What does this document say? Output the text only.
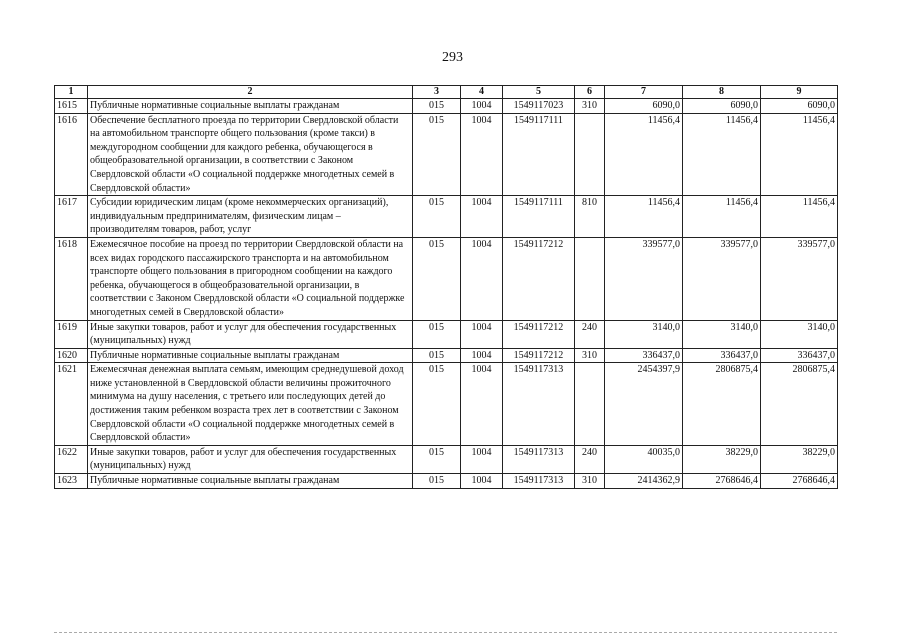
293
1	2	3	4	5	6	7	8	9
1615	Публичные нормативные социальные выплаты гражданам	015	1004	1549117023	310	6090,0	6090,0	6090,0
1616	Обеспечение бесплатного проезда по территории Свердловской области на автомобильном транспорте общего пользования (кроме такси) в междугородном сообщении для каждого ребенка, обучающегося в общеобразовательной организации, в соответствии с Законом Свердловской области «О социальной поддержке многодетных семей в Свердловской области»	015	1004	1549117111		11456,4	11456,4	11456,4
1617	Субсидии юридическим лицам (кроме некоммерческих организаций), индивидуальным предпринимателям, физическим лицам – производителям товаров, работ, услуг	015	1004	1549117111	810	11456,4	11456,4	11456,4
1618	Ежемесячное пособие на проезд по территории Свердловской области на всех видах городского пассажирского транспорта и на автомобильном транспорте общего пользования в пригородном сообщении на каждого ребенка, обучающегося в общеобразовательной организации, в соответствии с Законом Свердловской области «О социальной поддержке многодетных семей в Свердловской области»	015	1004	1549117212		339577,0	339577,0	339577,0
1619	Иные закупки товаров, работ и услуг для обеспечения государственных (муниципальных) нужд	015	1004	1549117212	240	3140,0	3140,0	3140,0
1620	Публичные нормативные социальные выплаты гражданам	015	1004	1549117212	310	336437,0	336437,0	336437,0
1621	Ежемесячная денежная выплата семьям, имеющим среднедушевой доход ниже установленной в Свердловской области величины прожиточного минимума на душу населения, с третьего или последующих детей до достижения таким ребенком возраста трех лет в соответствии с Законом Свердловской области «О социальной поддержке многодетных семей в Свердловской области»	015	1004	1549117313		2454397,9	2806875,4	2806875,4
1622	Иные закупки товаров, работ и услуг для обеспечения государственных (муниципальных) нужд	015	1004	1549117313	240	40035,0	38229,0	38229,0
1623	Публичные нормативные социальные выплаты гражданам	015	1004	1549117313	310	2414362,9	2768646,4	2768646,4
